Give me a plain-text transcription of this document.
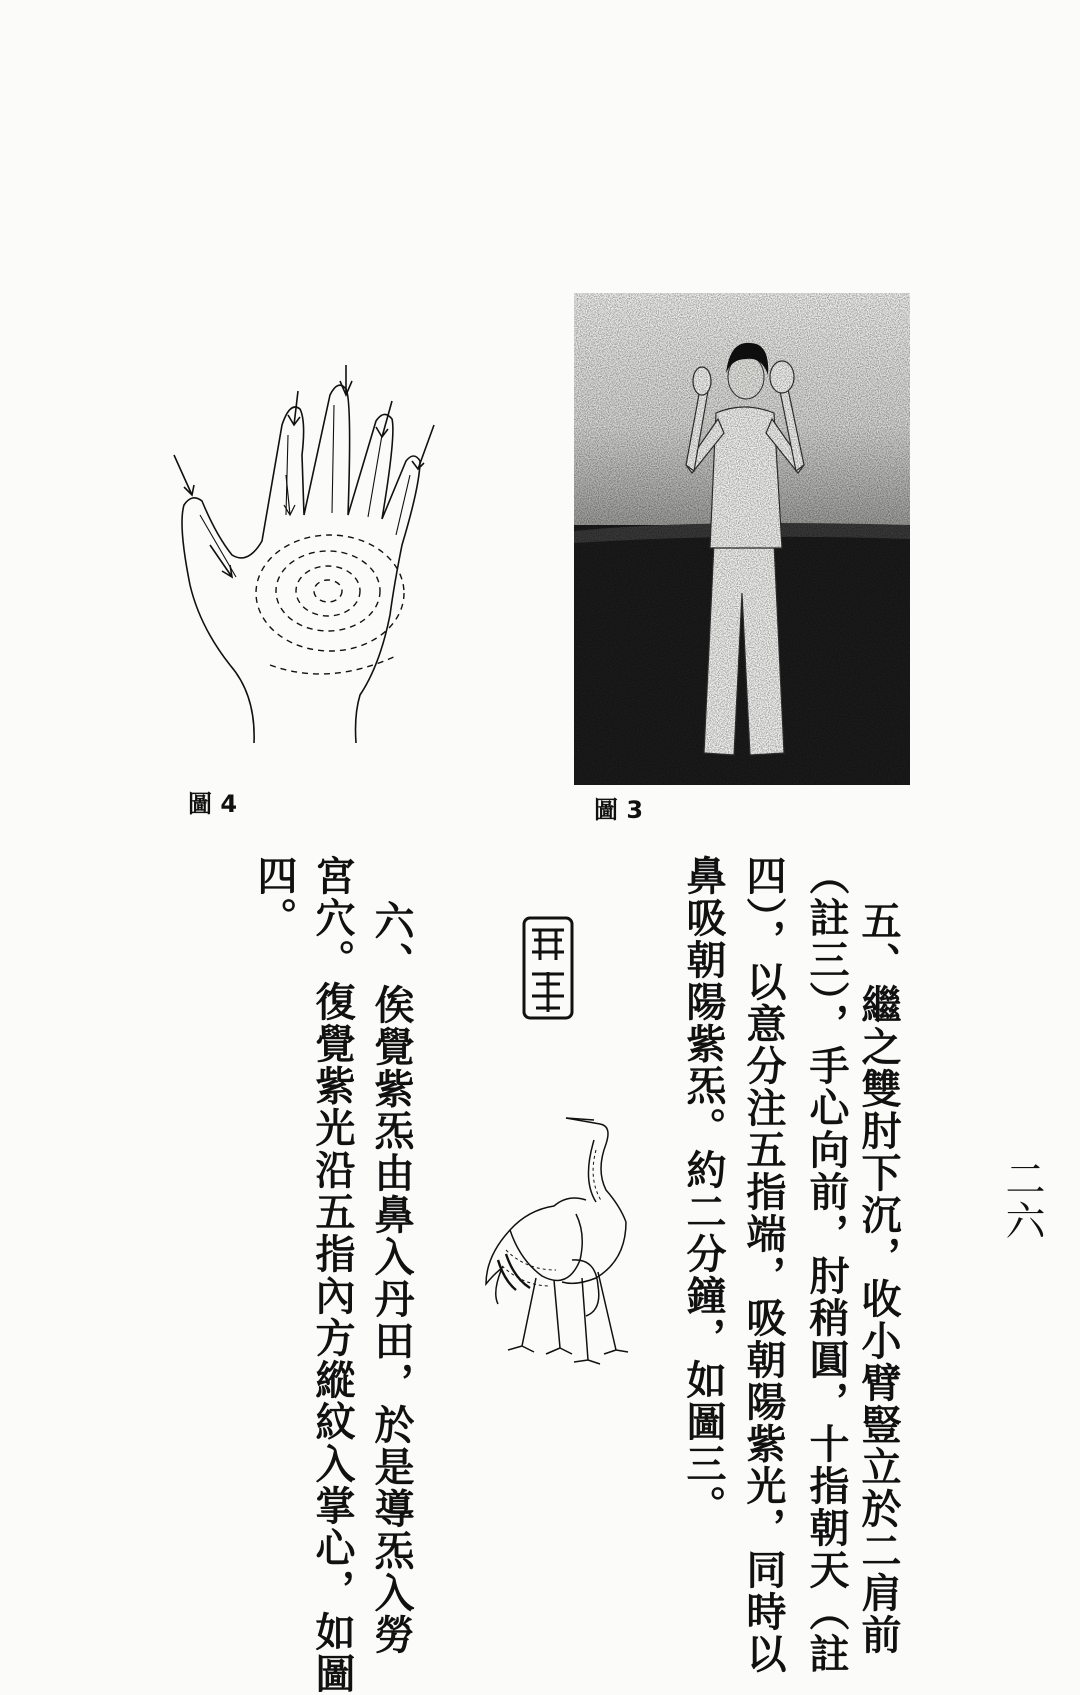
二六
圖 3
圖 4
五、繼之雙肘下沉，收小臂豎立於二肩前
（註三），手心向前，肘稍圓，十指朝天（註
四），以意分注五指端，吸朝陽紫光，同時以
鼻吸朝陽紫炁。約二分鐘，如圖三。
六、俟覺紫炁由鼻入丹田，於是導炁入勞
宮穴。復覺紫光沿五指內方縱紋入掌心，如圖
四。
